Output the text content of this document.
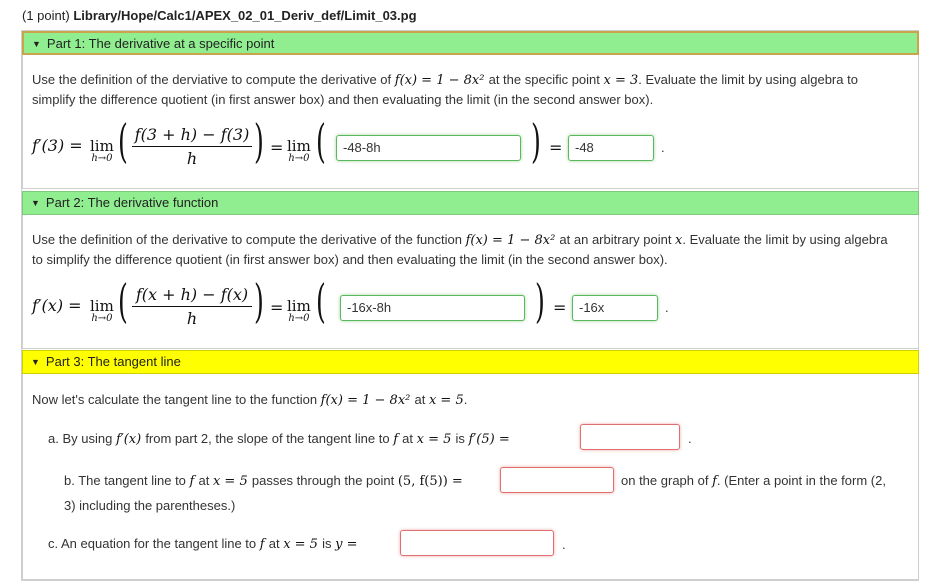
(1 point) Library/Hope/Calc1/APEX_02_01_Deriv_def/Limit_03.pg
▼ Part 1: The derivative at a specific point
Use the definition of the derviative to compute the derivative of f(x) = 1 − 8x² at the specific point x = 3. Evaluate the limit by using algebra to simplify the difference quotient (in first answer box) and then evaluating the limit (in the second answer box).
f′(3) = lim
h→0 ( $\frac{f(3 + h) - f(3)}{h}$ ) = lim
h→0 (	-48-8h	) = -48	.
▼ Part 2: The derivative function
Use the definition of the derivative to compute the derivative of the function f(x) = 1 − 8x² at an arbitrary point x. Evaluate the limit by using algebra to simplify the difference quotient (in first answer box) and then evaluating the limit (in the second answer box).
f′(x) = lim
h→0 ( $\frac{f(x + h) - f(x)}{h}$ ) = lim
h→0 (	-16x-8h	) = -16x	.
▼ Part 3: The tangent line
Now let's calculate the tangent line to the function f(x) = 1 − 8x² at x = 5.
a. By using f′(x) from part 2, the slope of the tangent line to f at x = 5 is f′(5) =	.
b. The tangent line to f at x = 5 passes through the point (5, f(5)) =	on the graph of f. (Enter a point in the form (2,
3) including the parentheses.)
c. An equation for the tangent line to f at x = 5 is y =	.
